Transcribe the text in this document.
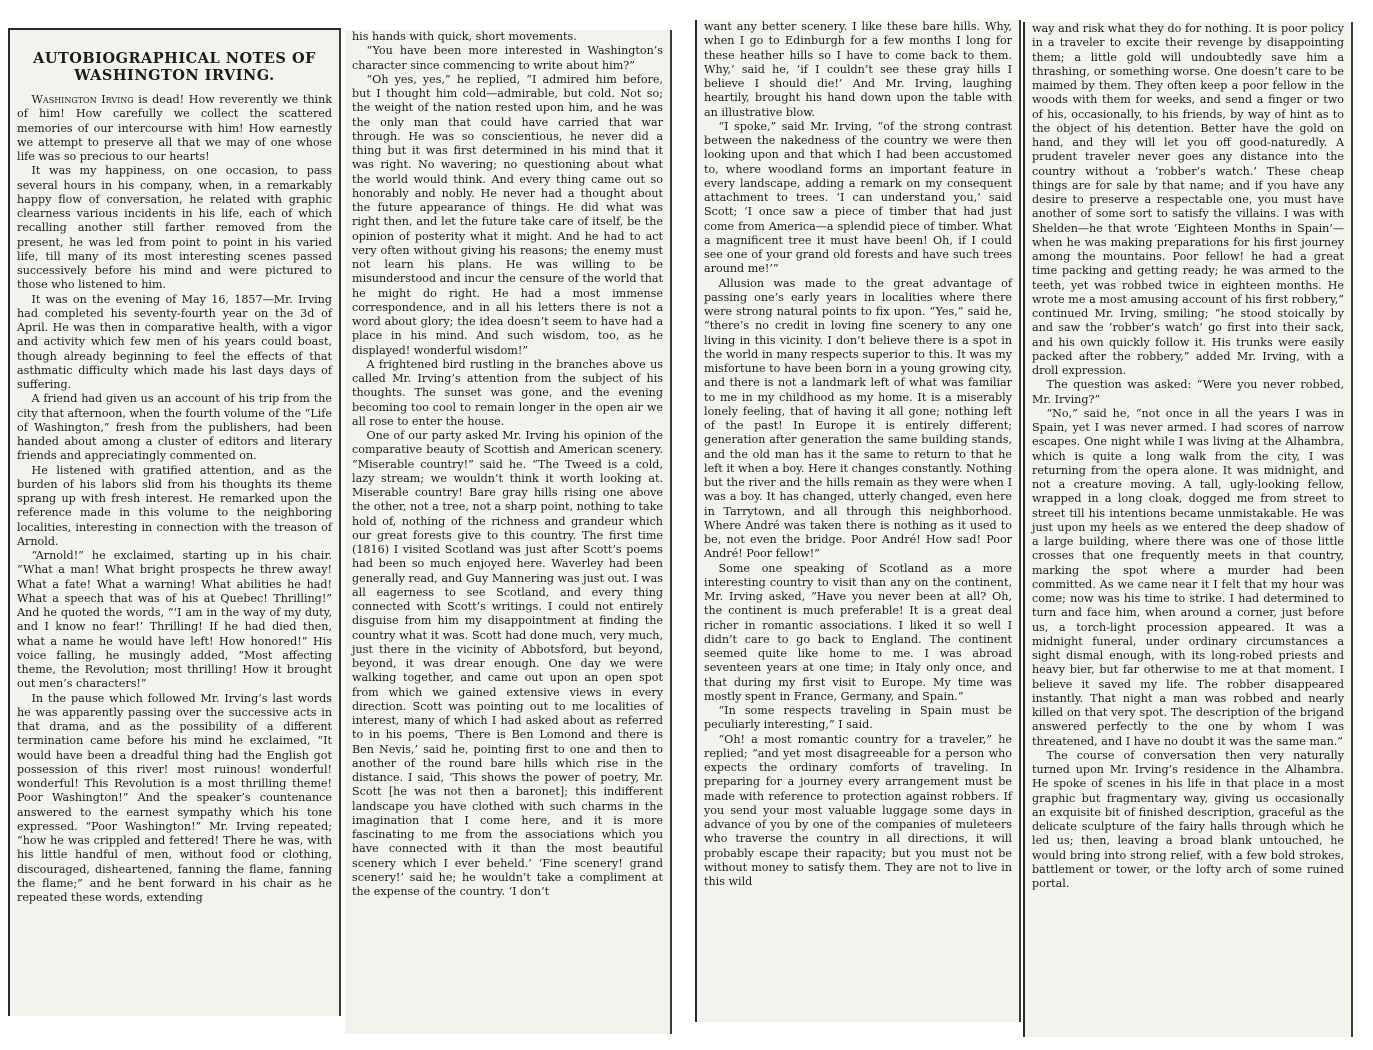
AUTOBIOGRAPHICAL NOTES OF
WASHINGTON IRVING.

Washington Irving is dead! How reverently we think of him! How carefully we collect the scattered memories of our intercourse with him! How earnestly we attempt to preserve all that we may of one whose life was so precious to our hearts!

It was my happiness, on one occasion, to pass several hours in his company, when, in a remarkably happy flow of conversation, he related with graphic clearness various incidents in his life, each of which recalling another still farther removed from the present, he was led from point to point in his varied life, till many of its most interesting scenes passed successively before his mind and were pictured to those who listened to him.

It was on the evening of May 16, 1857—Mr. Irving had completed his seventy-fourth year on the 3d of April. He was then in comparative health, with a vigor and activity which few men of his years could boast, though already beginning to feel the effects of that asthmatic difficulty which made his last days days of suffering.

A friend had given us an account of his trip from the city that afternoon, when the fourth volume of the “Life of Washington,” fresh from the publishers, had been handed about among a cluster of editors and literary friends and appreciatingly commented on.

He listened with gratified attention, and as the burden of his labors slid from his thoughts its theme sprang up with fresh interest. He remarked upon the reference made in this volume to the neighboring localities, interesting in connection with the treason of Arnold.

“Arnold!” he exclaimed, starting up in his chair. “What a man! What bright prospects he threw away! What a fate! What a warning! What abilities he had! What a speech that was of his at Quebec! Thrilling!” And he quoted the words, “‘I am in the way of my duty, and I know no fear!’ Thrilling! If he had died then, what a name he would have left! How honored!” His voice falling, he musingly added, “Most affecting theme, the Revolution; most thrilling! How it brought out men’s characters!”

In the pause which followed Mr. Irving’s last words he was apparently passing over the successive acts in that drama, and as the possibility of a different termination came before his mind he exclaimed, “It would have been a dreadful thing had the English got possession of this river! most ruinous! wonderful! wonderful! This Revolution is a most thrilling theme! Poor Washington!” And the speaker’s countenance answered to the earnest sympathy which his tone expressed. “Poor Washington!” Mr. Irving repeated; “how he was crippled and fettered! There he was, with his little handful of men, without food or clothing, discouraged, disheartened, fanning the flame, fanning the flame;” and he bent forward in his chair as he repeated these words, extending

his hands with quick, short movements.

“You have been more interested in Washington’s character since commencing to write about him?”

“Oh yes, yes,” he replied, “I admired him before, but I thought him cold—admirable, but cold. Not so; the weight of the nation rested upon him, and he was the only man that could have carried that war through. He was so conscientious, he never did a thing but it was first determined in his mind that it was right. No wavering; no questioning about what the world would think. And every thing came out so honorably and nobly. He never had a thought about the future appearance of things. He did what was right then, and let the future take care of itself, be the opinion of posterity what it might. And he had to act very often without giving his reasons; the enemy must not learn his plans. He was willing to be misunderstood and incur the censure of the world that he might do right. He had a most immense correspondence, and in all his letters there is not a word about glory; the idea doesn’t seem to have had a place in his mind. And such wisdom, too, as he displayed! wonderful wisdom!”

A frightened bird rustling in the branches above us called Mr. Irving’s attention from the subject of his thoughts. The sunset was gone, and the evening becoming too cool to remain longer in the open air we all rose to enter the house.

One of our party asked Mr. Irving his opinion of the comparative beauty of Scottish and American scenery. “Miserable country!” said he. “The Tweed is a cold, lazy stream; we wouldn’t think it worth looking at. Miserable country! Bare gray hills rising one above the other, not a tree, not a sharp point, nothing to take hold of, nothing of the richness and grandeur which our great forests give to this country. The first time (1816) I visited Scotland was just after Scott’s poems had been so much enjoyed here. Waverley had been generally read, and Guy Mannering was just out. I was all eagerness to see Scotland, and every thing connected with Scott’s writings. I could not entirely disguise from him my disappointment at finding the country what it was. Scott had done much, very much, just there in the vicinity of Abbotsford, but beyond, beyond, it was drear enough. One day we were walking together, and came out upon an open spot from which we gained extensive views in every direction. Scott was pointing out to me localities of interest, many of which I had asked about as referred to in his poems, ‘There is Ben Lomond and there is Ben Nevis,’ said he, pointing first to one and then to another of the round bare hills which rise in the distance. I said, ‘This shows the power of poetry, Mr. Scott [he was not then a baronet]; this indifferent landscape you have clothed with such charms in the imagination that I come here, and it is more fascinating to me from the associations which you have connected with it than the most beautiful scenery which I ever beheld.’ ‘Fine scenery! grand scenery!’ said he; he wouldn’t take a compliment at the expense of the country. ‘I don’t

want any better scenery. I like these bare hills. Why, when I go to Edinburgh for a few months I long for these heather hills so I have to come back to them. Why,’ said he, ‘if I couldn’t see these gray hills I believe I should die!’ And Mr. Irving, laughing heartily, brought his hand down upon the table with an illustrative blow.

“I spoke,” said Mr. Irving, “of the strong contrast between the nakedness of the country we were then looking upon and that which I had been accustomed to, where woodland forms an important feature in every landscape, adding a remark on my consequent attachment to trees. ‘I can understand you,’ said Scott; ‘I once saw a piece of timber that had just come from America—a splendid piece of timber. What a magnificent tree it must have been! Oh, if I could see one of your grand old forests and have such trees around me!’”

Allusion was made to the great advantage of passing one’s early years in localities where there were strong natural points to fix upon. “Yes,” said he, “there’s no credit in loving fine scenery to any one living in this vicinity. I don’t believe there is a spot in the world in many respects superior to this. It was my misfortune to have been born in a young growing city, and there is not a landmark left of what was familiar to me in my childhood as my home. It is a miserably lonely feeling, that of having it all gone; nothing left of the past! In Europe it is entirely different; generation after generation the same building stands, and the old man has it the same to return to that he left it when a boy. Here it changes constantly. Nothing but the river and the hills remain as they were when I was a boy. It has changed, utterly changed, even here in Tarrytown, and all through this neighborhood. Where André was taken there is nothing as it used to be, not even the bridge. Poor André! How sad! Poor André! Poor fellow!”

Some one speaking of Scotland as a more interesting country to visit than any on the continent, Mr. Irving asked, “Have you never been at all? Oh, the continent is much preferable! It is a great deal richer in romantic associations. I liked it so well I didn’t care to go back to England. The continent seemed quite like home to me. I was abroad seventeen years at one time; in Italy only once, and that during my first visit to Europe. My time was mostly spent in France, Germany, and Spain.”

“In some respects traveling in Spain must be peculiarly interesting,” I said.

“Oh! a most romantic country for a traveler,” he replied; “and yet most disagreeable for a person who expects the ordinary comforts of traveling. In preparing for a journey every arrangement must be made with reference to protection against robbers. If you send your most valuable luggage some days in advance of you by one of the companies of muleteers who traverse the country in all directions, it will probably escape their rapacity; but you must not be without money to satisfy them. They are not to live in this wild

way and risk what they do for nothing. It is poor policy in a traveler to excite their revenge by disappointing them; a little gold will undoubtedly save him a thrashing, or something worse. One doesn’t care to be maimed by them. They often keep a poor fellow in the woods with them for weeks, and send a finger or two of his, occasionally, to his friends, by way of hint as to the object of his detention. Better have the gold on hand, and they will let you off good-naturedly. A prudent traveler never goes any distance into the country without a ‘robber’s watch.’ These cheap things are for sale by that name; and if you have any desire to preserve a respectable one, you must have another of some sort to satisfy the villains. I was with Shelden—he that wrote ‘Eighteen Months in Spain’—when he was making preparations for his first journey among the mountains. Poor fellow! he had a great time packing and getting ready; he was armed to the teeth, yet was robbed twice in eighteen months. He wrote me a most amusing account of his first robbery,” continued Mr. Irving, smiling; “he stood stoically by and saw the ‘robber’s watch’ go first into their sack, and his own quickly follow it. His trunks were easily packed after the robbery,” added Mr. Irving, with a droll expression.

The question was asked: “Were you never robbed, Mr. Irving?”

“No,” said he, “not once in all the years I was in Spain, yet I was never armed. I had scores of narrow escapes. One night while I was living at the Alhambra, which is quite a long walk from the city, I was returning from the opera alone. It was midnight, and not a creature moving. A tall, ugly-looking fellow, wrapped in a long cloak, dogged me from street to street till his intentions became unmistakable. He was just upon my heels as we entered the deep shadow of a large building, where there was one of those little crosses that one frequently meets in that country, marking the spot where a murder had been committed. As we came near it I felt that my hour was come; now was his time to strike. I had determined to turn and face him, when around a corner, just before us, a torch-light procession appeared. It was a midnight funeral, under ordinary circumstances a sight dismal enough, with its long-robed priests and heavy bier, but far otherwise to me at that moment. I believe it saved my life. The robber disappeared instantly. That night a man was robbed and nearly killed on that very spot. The description of the brigand answered perfectly to the one by whom I was threatened, and I have no doubt it was the same man.”

The course of conversation then very naturally turned upon Mr. Irving’s residence in the Alhambra. He spoke of scenes in his life in that place in a most graphic but fragmentary way, giving us occasionally an exquisite bit of finished description, graceful as the delicate sculpture of the fairy halls through which he led us; then, leaving a broad blank untouched, he would bring into strong relief, with a few bold strokes, battlement or tower, or the lofty arch of some ruined portal.
